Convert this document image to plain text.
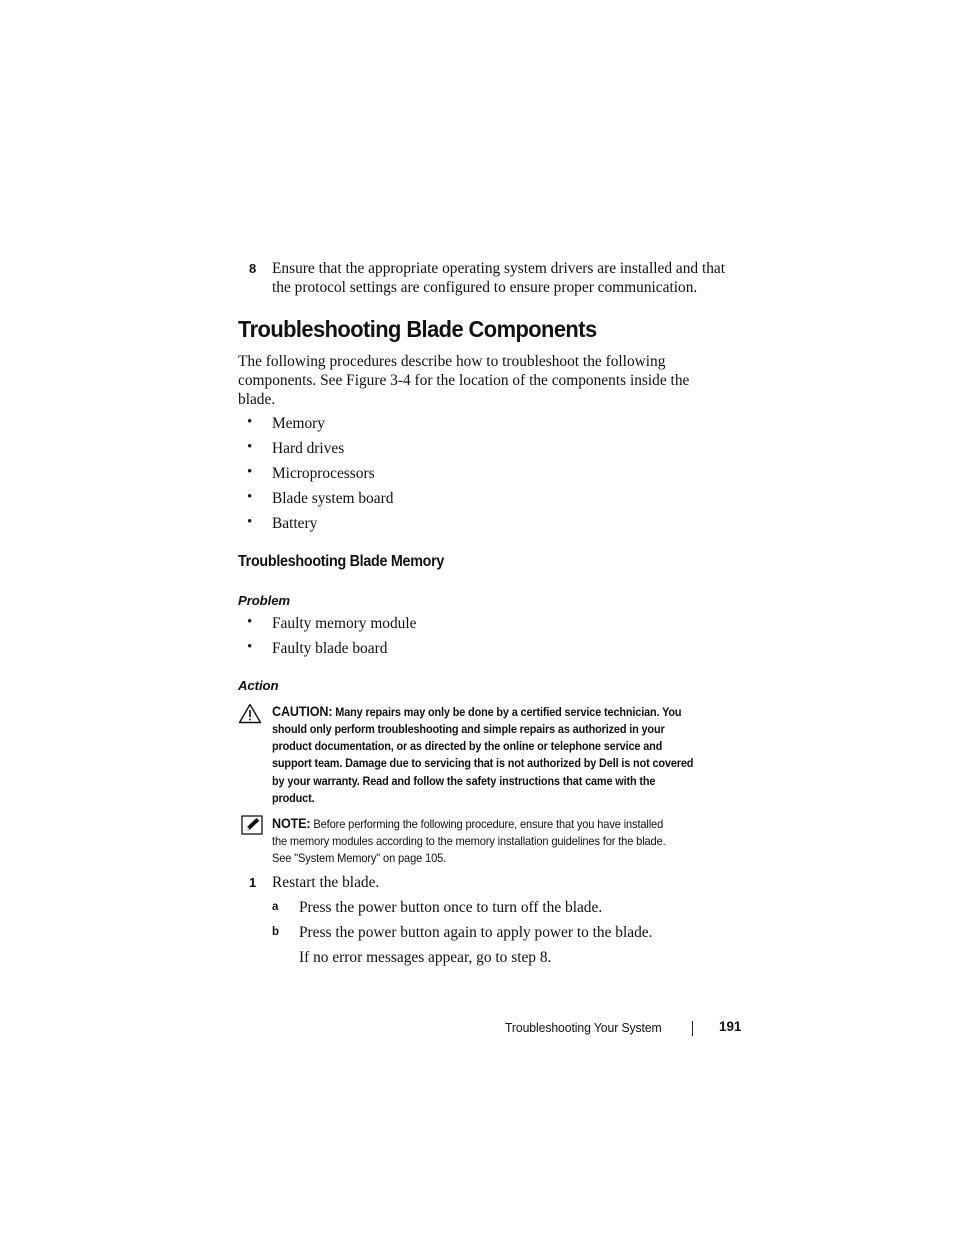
8 Ensure that the appropriate operating system drivers are installed and that
the protocol settings are configured to ensure proper communication.
Troubleshooting Blade Components
The following procedures describe how to troubleshoot the following
components. See Figure 3-4 for the location of the components inside the
blade.
• Memory
• Hard drives
• Microprocessors
• Blade system board
• Battery
Troubleshooting Blade Memory
Problem
• Faulty memory module
• Faulty blade board
Action
CAUTION: Many repairs may only be done by a certified service technician. You
should only perform troubleshooting and simple repairs as authorized in your
product documentation, or as directed by the online or telephone service and
support team. Damage due to servicing that is not authorized by Dell is not covered
by your warranty. Read and follow the safety instructions that came with the
product.
NOTE: Before performing the following procedure, ensure that you have installed
the memory modules according to the memory installation guidelines for the blade.
See "System Memory" on page 105.
1 Restart the blade.
a Press the power button once to turn off the blade.
b Press the power button again to apply power to the blade.
If no error messages appear, go to step 8.
Troubleshooting Your System	191
